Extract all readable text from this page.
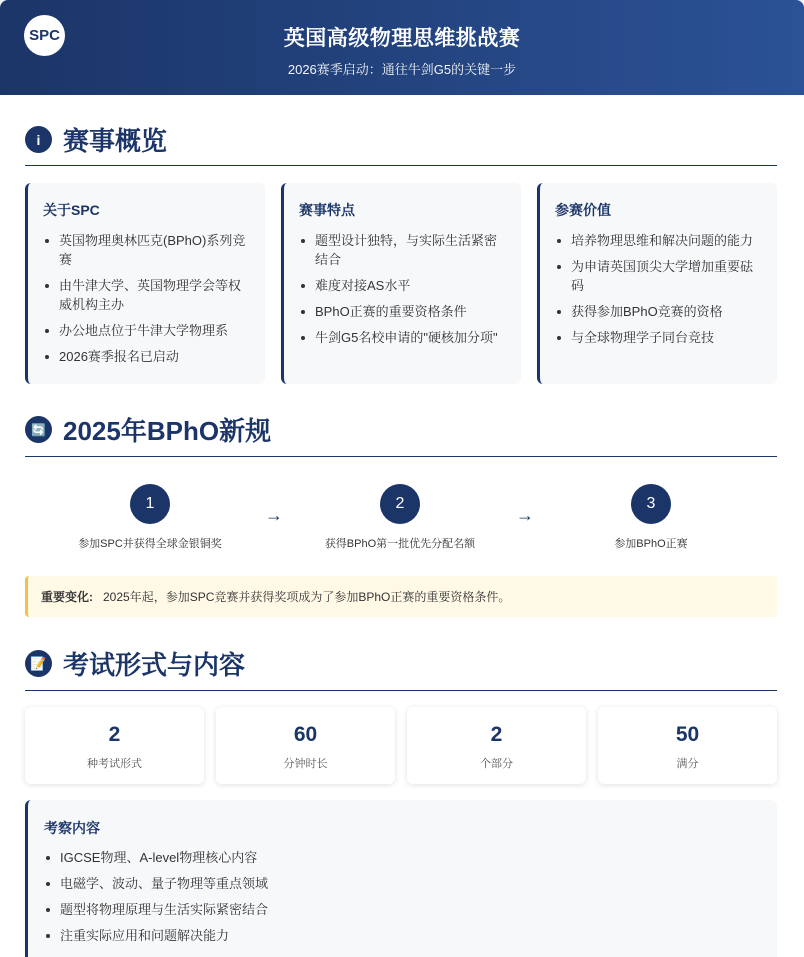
SPC	英国高级物理思维挑战赛
2026赛季启动：通往牛剑G5的关键一步
i 赛事概览
关于SPC
英国物理奥林匹克(BPhO)系列竞赛
由牛津大学、英国物理学会等权威机构主办
办公地点位于牛津大学物理系
2026赛季报名已启动
赛事特点
题型设计独特，与实际生活紧密结合
难度对接AS水平
BPhO正赛的重要资格条件
牛剑G5名校申请的"硬核加分项"
参赛价值
培养物理思维和解决问题的能力
为申请英国顶尖大学增加重要砝码
获得参加BPhO竞赛的资格
与全球物理学子同台竞技
🔄 2025年BPhO新规
1
参加SPC并获得全球金银铜奖
→
2
获得BPhO第一批优先分配名额
→
3
参加BPhO正赛
重要变化: 2025年起，参加SPC竞赛并获得奖项成为了参加BPhO正赛的重要资格条件。
📝 考试形式与内容
2
种考试形式
60
分钟时长
2
个部分
50
满分
考察内容
IGCSE物理、A-level物理核心内容
电磁学、波动、量子物理等重点领域
题型将物理原理与生活实际紧密结合
注重实际应用和问题解决能力
